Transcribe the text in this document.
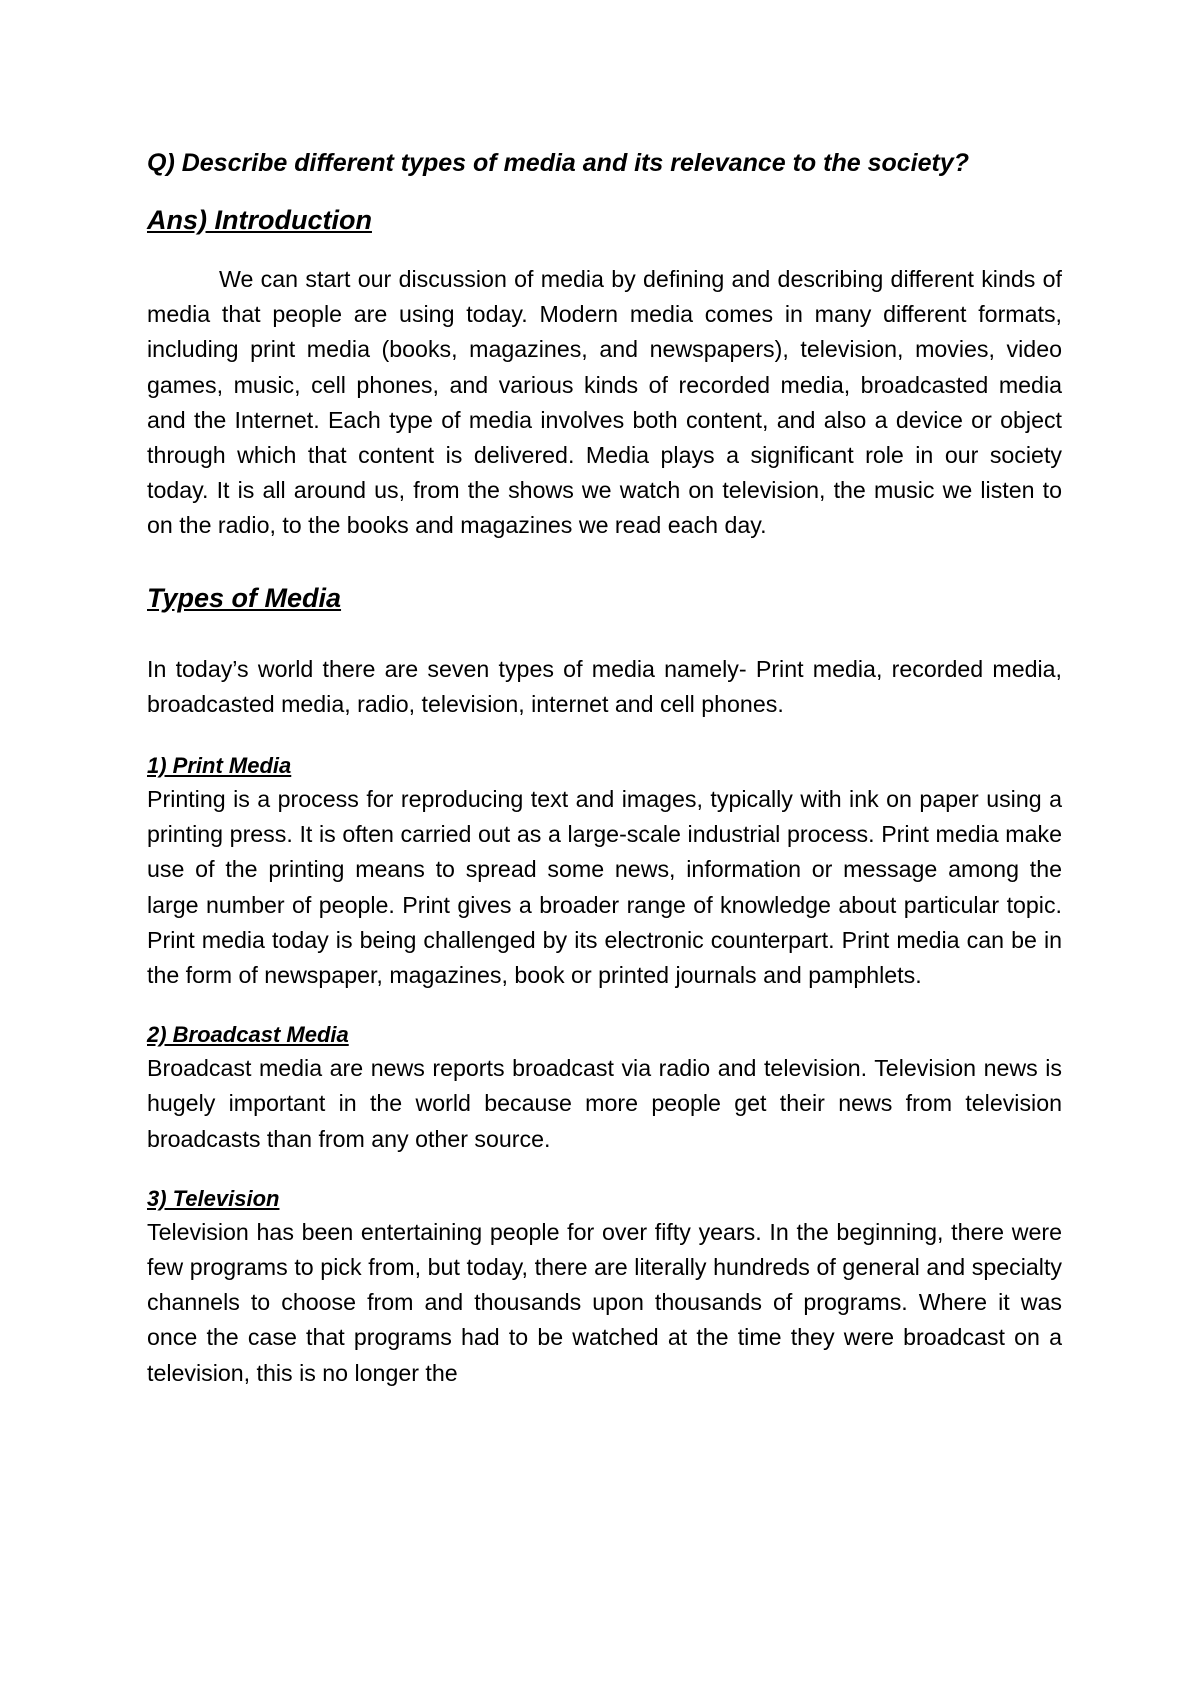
Q) Describe different types of media and its relevance to the society?

Ans) Introduction

We can start our discussion of media by defining and describing different kinds of media that people are using today. Modern media comes in many different formats, including print media (books, magazines, and newspapers), television, movies, video games, music, cell phones, and various kinds of recorded media, broadcasted media and the Internet. Each type of media involves both content, and also a device or object through which that content is delivered. Media plays a significant role in our society today. It is all around us, from the shows we watch on television, the music we listen to on the radio, to the books and magazines we read each day.

Types of Media

In today’s world there are seven types of media namely- Print media, recorded media, broadcasted media, radio, television, internet and cell phones.

1) Print Media

Printing is a process for reproducing text and images, typically with ink on paper using a printing press. It is often carried out as a large-scale industrial process. Print media make use of the printing means to spread some news, information or message among the large number of people. Print gives a broader range of knowledge about particular topic. Print media today is being challenged by its electronic counterpart. Print media can be in the form of newspaper, magazines, book or printed journals and pamphlets.

2) Broadcast Media

Broadcast media are news reports broadcast via radio and television. Television news is hugely important in the world because more people get their news from television broadcasts than from any other source.

3) Television

Television has been entertaining people for over fifty years. In the beginning, there were few programs to pick from, but today, there are literally hundreds of general and specialty channels to choose from and thousands upon thousands of programs. Where it was once the case that programs had to be watched at the time they were broadcast on a television, this is no longer the
